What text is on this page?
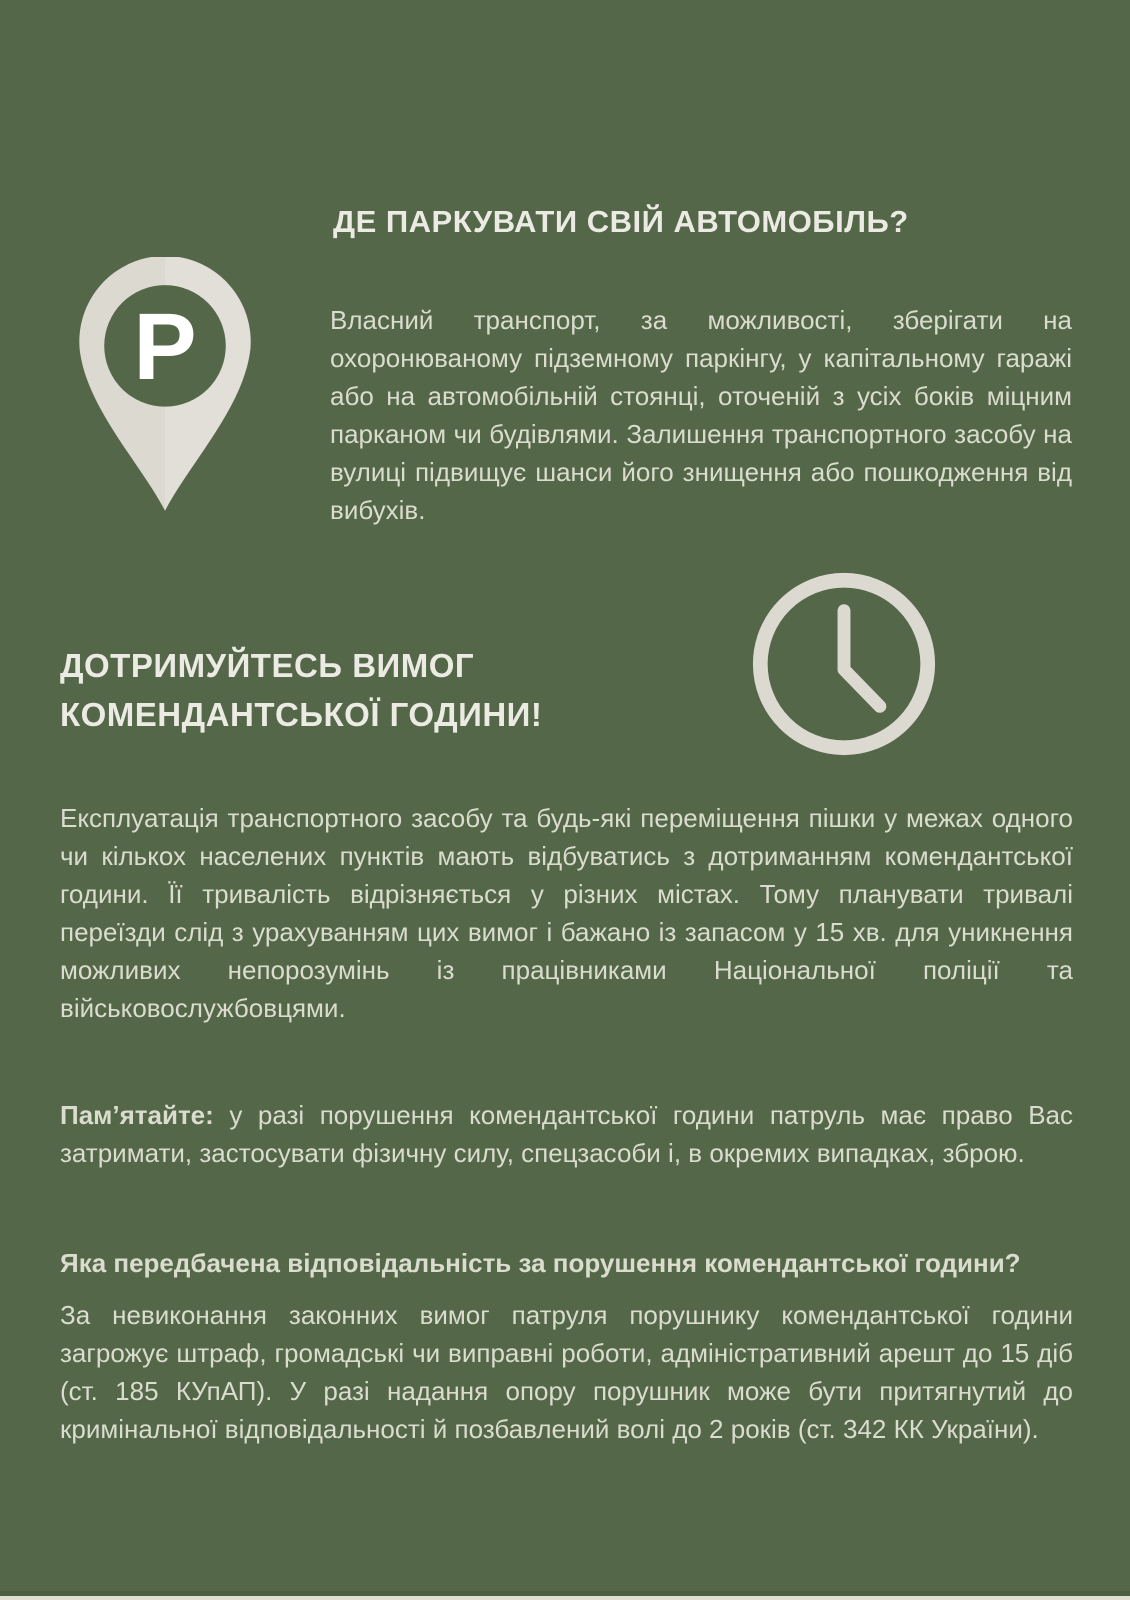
ДЕ ПАРКУВАТИ СВІЙ АВТОМОБІЛЬ?
P	Власний транспорт, за можливості, зберігати на охоронюваному підземному паркінгу, у капітальному гаражі або на автомобільній стоянці, оточеній з усіх боків міцним парканом чи будівлями. Залишення транспортного засобу на вулиці підвищує шанси його знищення або пошкодження від вибухів.

ДОТРИМУЙТЕСЬ ВИМОГ КОМЕНДАНТСЬКОЇ ГОДИНИ!

Експлуатація транспортного засобу та будь-які переміщення пішки у межах одного чи кількох населених пунктів мають відбуватись з дотриманням комендантської години. Її тривалість відрізняється у різних містах. Тому планувати тривалі переїзди слід з урахуванням цих вимог і бажано із запасом у 15 хв. для уникнення можливих непорозумінь із працівниками Національної поліції та військовослужбовцями.

Пам’ятайте: у разі порушення комендантської години патруль має право Вас затримати, застосувати фізичну силу, спецзасоби і, в окремих випадках, зброю.

Яка передбачена відповідальність за порушення комендантської години?

За невиконання законних вимог патруля порушнику комендантської години загрожує штраф, громадські чи виправні роботи, адміністративний арешт до 15 діб (ст. 185 КУпАП). У разі надання опору порушник може бути притягнутий до кримінальної відповідальності й позбавлений волі до 2 років (ст. 342 КК України).
